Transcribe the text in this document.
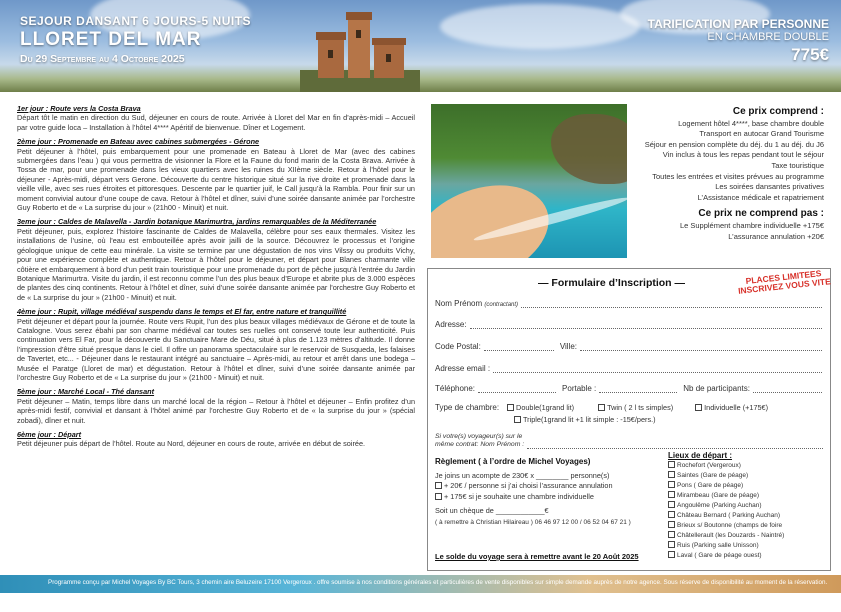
SEJOUR DANSANT 6 JOURS-5 NUITS
LLORET DEL MAR
Du 29 Septembre au 4 Octobre 2025
TARIFICATION PAR PERSONNE
EN CHAMBRE DOUBLE
775€
1er jour : Route vers la Costa Brava
Départ tôt le matin en direction du Sud, déjeuner en cours de route. Arrivée à Lloret del Mar en fin d’après-midi – Accueil par votre guide loca – Installation à l’hôtel 4**** Apéritif de bienvenue. Dîner et Logement.
2ème jour : Promenade en Bateau avec cabines submergées - Gérone
Petit déjeuner à l’hôtel, puis embarquement pour une promenade en Bateau à Lloret de Mar (avec des cabines submergées dans l’eau ) qui vous permettra de visionner la Flore et la Faune du fond marin de la Costa Brava. Arrivée à Tossa de mar, pour une promenade dans les vieux quartiers avec les ruines du XIIème siècle. Retour à l’hôtel pour le déjeuner - Après-midi, départ vers Gerone. Découverte du centre historique situé sur la rive droite et promenade dans la vieille ville, avec ses rues étroites et pittoresques. Descente par le quartier juif, le Call jusqu’à la Rambla. Pour finir sur un moment convivial autour d’une coupe de cava. Retour à l’hôtel et dîner, suivi d’une soirée dansante animée par l’orchestre Guy Roberto et de « La surprise du jour » (21h00 - Minuit) et nuit.
3eme jour : Caldes de Malavella - Jardin botanique Marimurtra, jardins remarquables de la Méditerranée
Petit déjeuner, puis, explorez l’histoire fascinante de Caldes de Malavella, célèbre pour ses eaux thermales. Visitez les installations de l’usine, où l’eau est embouteillée après avoir jailli de la source. Découvrez le processus et l’origine géologique unique de cette eau minérale. La visite se termine par une dégustation de nos vins Vilssy ou produits Vichy, pour une expérience complète et authentique. Retour à l’hôtel pour le déjeuner, et départ pour Blanes charmante ville côtière et embarquement à bord d’un petit train touristique pour une promenade du port de pêche jusqu’à l’entrée du Jardin Botanique Marimurtra. Visite du jardin, il est reconnu comme l’un des plus beaux d’Europe et abrite plus de 3.000 espèces de plantes des cinq continents. Retour à l’hôtel et dîner, suivi d’une soirée dansante animée par l’orchestre Guy Roberto et de « La surprise du jour » (21h00 - Minuit) et nuit.
4ème jour : Rupit, village médiéval suspendu dans le temps et El far, entre nature et tranquillité
Petit déjeuner et départ pour la journée. Route vers Rupit, l’un des plus beaux villages médiévaux de Gérone et de toute la Catalogne. Vous serez ébahi par son charme médiéval car toutes ses ruelles ont conservé toute leur authenticité. Puis continuation vers El Far, pour la découverte du Sanctuaire Mare de Déu, situé à plus de 1.123 mètres d’altitude. Il donne l’impression d’être situé presque dans le ciel. Il offre un panorama spectaculaire sur le reservoir de Susqueda, les falaises de Tavertet, etc... - Déjeuner dans le restaurant intégré au sanctuaire – Après-midi, au retour et arrêt dans une bodega – Musée el Paratge (Lloret de mar) et dégustation. Retour à l’hôtel et dîner, suivi d’une soirée dansante animée par l’orchestre Guy Roberto et de « La surprise du jour » (21h00 - Minuit) et nuit.
5ème jour : Marché Local - Thé dansant
Petit déjeuner – Matin, temps libre dans un marché local de la région – Retour à l’hôtel et déjeuner – Enfin profitez d’un après-midi festif, convivial et dansant à l’hôtel animé par l’orchestre Guy Roberto et de « la surprise du jour » (spécial zobadi), dîner et nuit.
6ème jour : Départ
Petit déjeuner puis départ de l’hôtel. Route au Nord, déjeuner en cours de route, arrivée en début de soirée.
Ce prix comprend :
Logement hôtel 4****, base chambre double
Transport en autocar Grand Tourisme
Séjour en pension complète du déj. du 1 au déj. du J6
Vin inclus à tous les repas pendant tout le séjour
Taxe touristique
Toutes les entrées et visites prévues au programme
Les soirées dansantes privatives
L’Assistance médicale et rapatriement
Ce prix ne comprend pas :
Le Supplément chambre individuelle +175€
L’assurance annulation +20€
— Formulaire d’Inscription —	PLACES LIMITEES INSCRIVEZ VOUS VITE
Nom Prénom (contractant)
Adresse:
Code Postal:	Ville:
Adresse email :
Téléphone:	Portable :	Nb de participants:
Type de chambre:	Double(1grand lit)	Twin ( 2 l ts simples)	Individuelle (+175€)
Triple(1grand lit +1 lit simple : -15€/pers.)
Si votre(s) voyageur(s) sur le
même contrat: Nom Prénom :
Règlement ( à l’ordre de Michel Voyages)
Je joins un acompte de 230€ x ________ personne(s)
+ 20€ / personne si j’ai choisi l’assurance annulation
+ 175€ si je souhaite une chambre individuelle
Soit un chèque de ____________€
( à remettre à Christian Hilaireau ) 06 46 97 12 00 / 06 52 04 67 21 )
Lieux de départ :
Rochefort (Vergeroux)
Saintes (Gare de péage)
Pons ( Gare de péage)
Mirambeau (Gare de péage)
Angoulême (Parking Auchan)
Château Bernard ( Parking Auchan)
Brieux s/ Boutonne (champs de foire
Châtellerault (les Douzards - Naintré)
Ruis (Parking salle Unisson)
Laval ( Gare de péage ouest)
Le solde du voyage sera à remettre avant le 20 Août 2025
Programme conçu par Michel Voyages By BC Tours, 3 chemin aire Beluzeire 17100 Vergeroux . offre soumise à nos conditions générales et particulières de vente disponibles sur simple demande auprès de notre agence. Sous réserve de disponibilité au moment de la réservation.
